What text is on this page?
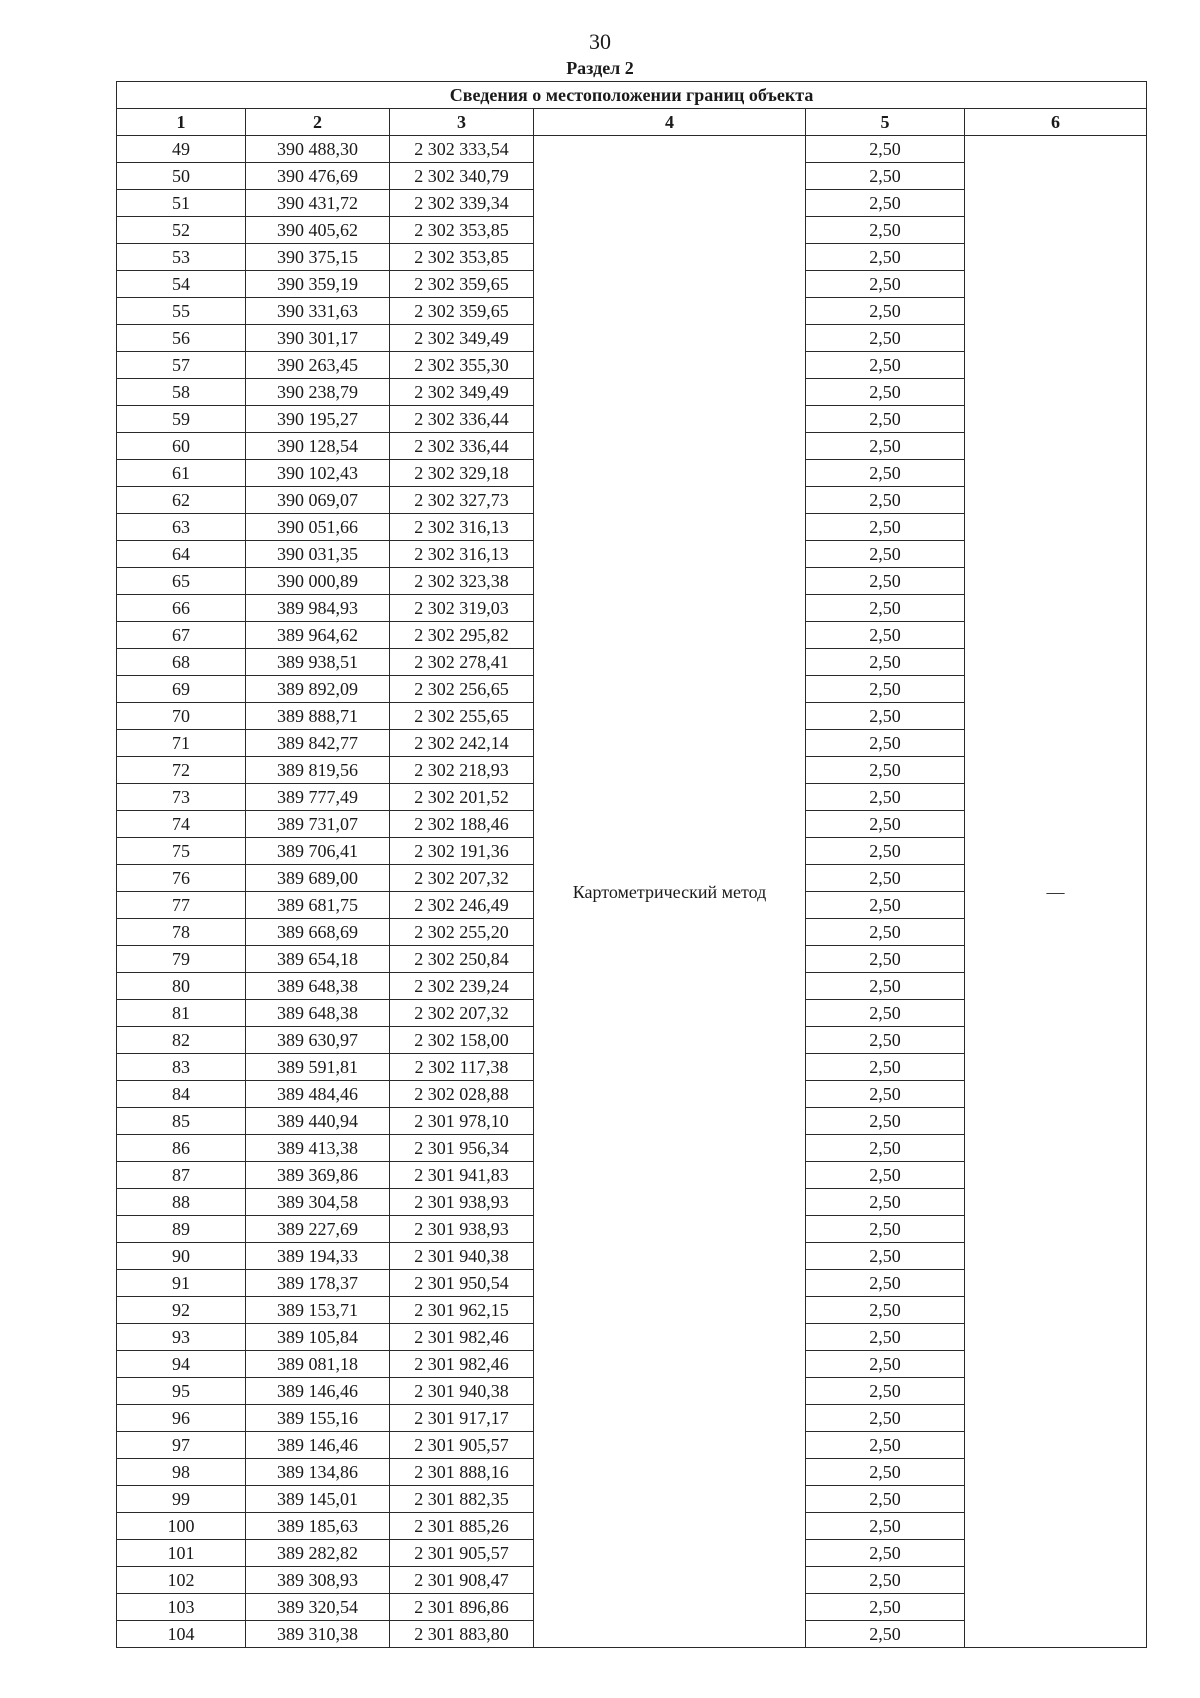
30
Раздел 2
Сведения о местоположении границ объекта					
1	2	3	4	5	6
49	390 488,30	2 302 333,54	Картометрический метод	2,50	—
50	390 476,69	2 302 340,79		2,50	
51	390 431,72	2 302 339,34		2,50	
52	390 405,62	2 302 353,85		2,50	
53	390 375,15	2 302 353,85		2,50	
54	390 359,19	2 302 359,65		2,50	
55	390 331,63	2 302 359,65		2,50	
56	390 301,17	2 302 349,49		2,50	
57	390 263,45	2 302 355,30		2,50	
58	390 238,79	2 302 349,49		2,50	
59	390 195,27	2 302 336,44		2,50	
60	390 128,54	2 302 336,44		2,50	
61	390 102,43	2 302 329,18		2,50	
62	390 069,07	2 302 327,73		2,50	
63	390 051,66	2 302 316,13		2,50	
64	390 031,35	2 302 316,13		2,50	
65	390 000,89	2 302 323,38		2,50	
66	389 984,93	2 302 319,03		2,50	
67	389 964,62	2 302 295,82		2,50	
68	389 938,51	2 302 278,41		2,50	
69	389 892,09	2 302 256,65		2,50	
70	389 888,71	2 302 255,65		2,50	
71	389 842,77	2 302 242,14		2,50	
72	389 819,56	2 302 218,93		2,50	
73	389 777,49	2 302 201,52		2,50	
74	389 731,07	2 302 188,46		2,50	
75	389 706,41	2 302 191,36		2,50	
76	389 689,00	2 302 207,32		2,50	
77	389 681,75	2 302 246,49		2,50	
78	389 668,69	2 302 255,20		2,50	
79	389 654,18	2 302 250,84		2,50	
80	389 648,38	2 302 239,24		2,50	
81	389 648,38	2 302 207,32		2,50	
82	389 630,97	2 302 158,00		2,50	
83	389 591,81	2 302 117,38		2,50	
84	389 484,46	2 302 028,88		2,50	
85	389 440,94	2 301 978,10		2,50	
86	389 413,38	2 301 956,34		2,50	
87	389 369,86	2 301 941,83		2,50	
88	389 304,58	2 301 938,93		2,50	
89	389 227,69	2 301 938,93		2,50	
90	389 194,33	2 301 940,38		2,50	
91	389 178,37	2 301 950,54		2,50	
92	389 153,71	2 301 962,15		2,50	
93	389 105,84	2 301 982,46		2,50	
94	389 081,18	2 301 982,46		2,50	
95	389 146,46	2 301 940,38		2,50	
96	389 155,16	2 301 917,17		2,50	
97	389 146,46	2 301 905,57		2,50	
98	389 134,86	2 301 888,16		2,50	
99	389 145,01	2 301 882,35		2,50	
100	389 185,63	2 301 885,26		2,50	
101	389 282,82	2 301 905,57		2,50	
102	389 308,93	2 301 908,47		2,50	
103	389 320,54	2 301 896,86		2,50	
104	389 310,38	2 301 883,80		2,50	
